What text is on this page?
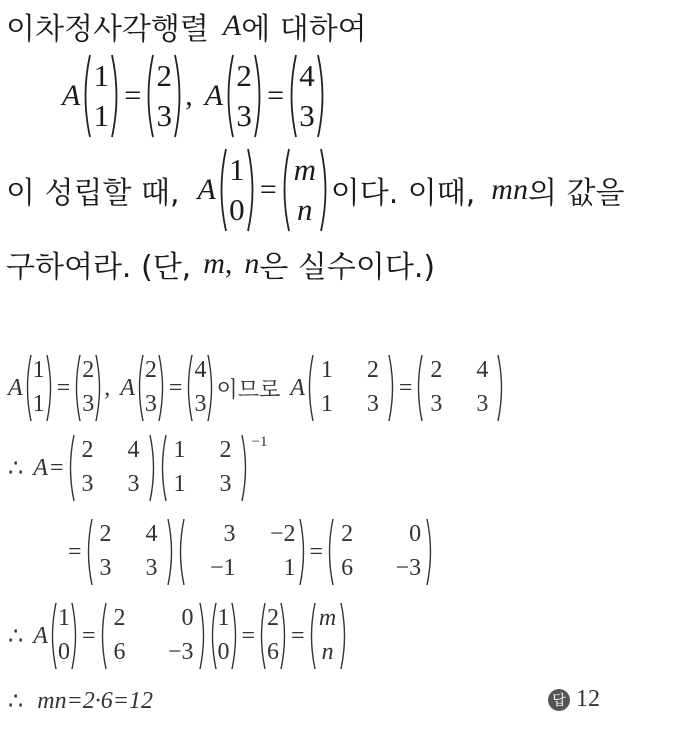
이차정사각행렬 A 에 대하여
A
1
1
=
2
3
, A
2
3
=
4
3
이 성립할 때, A
1
0
=
m
n 이다. 이때, mn 의 값을
구하여라. (단, m , n 은 실수이다.)
A
1
1
=
2
3
, A
2
3
=
4
3
이므로 A
1 2
1 3
=
2 4
3 3
∴ A =
2 4
3 3
1 2
1 3
−1
=
2 4
3 3
3	−2
−1	1
=
2	0
6	−3
∴ A
1
0
=
2	0
6	−3
1
0
=
2
6
=
m
n
∴ mn=2·6=12	답 12
